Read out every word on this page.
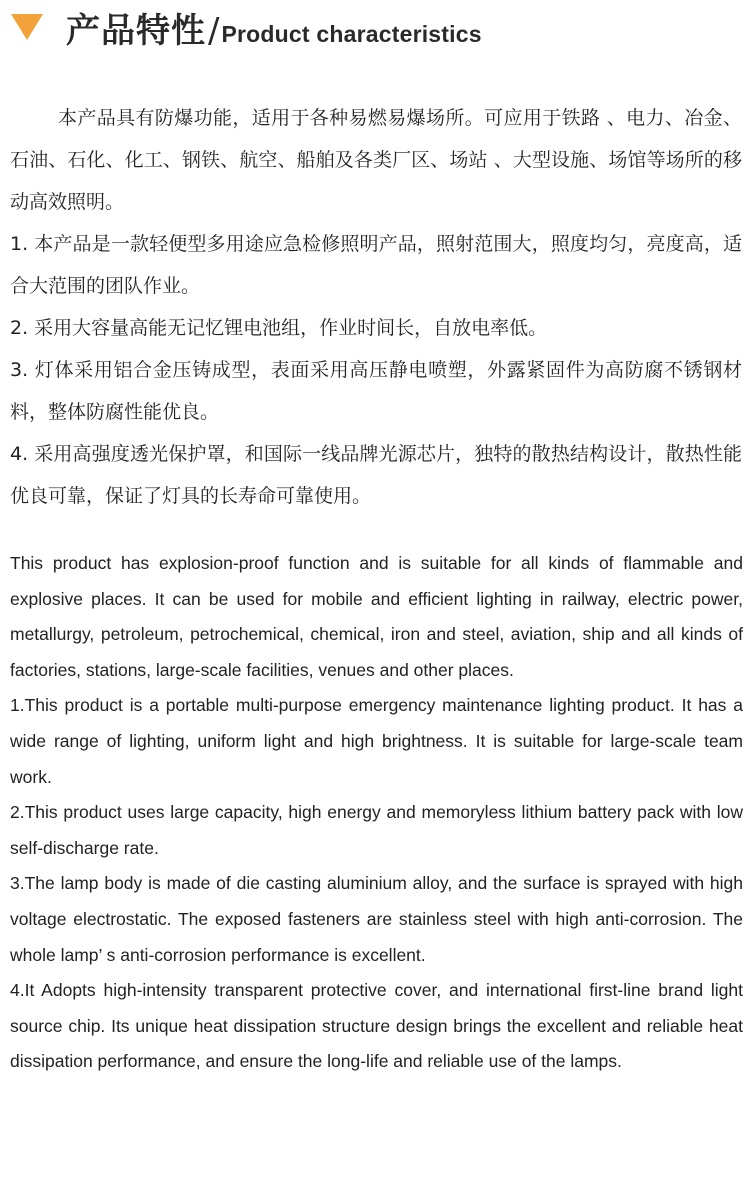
产品特性/Product characteristics

本产品具有防爆功能，适用于各种易燃易爆场所。可应用于铁路 、电力、冶金、石油、石化、化工、钢铁、航空、船舶及各类厂区、场站 、大型设施、场馆等场所的移动高效照明。

1. 本产品是一款轻便型多用途应急检修照明产品，照射范围大，照度均匀，亮度高，适合大范围的团队作业。

2. 采用大容量高能无记忆锂电池组，作业时间长，自放电率低。

3. 灯体采用铝合金压铸成型，表面采用高压静电喷塑，外露紧固件为高防腐不锈钢材料，整体防腐性能优良。

4. 采用高强度透光保护罩，和国际一线品牌光源芯片，独特的散热结构设计，散热性能优良可靠，保证了灯具的长寿命可靠使用。

This product has explosion-proof function and is suitable for all kinds of flammable and explosive places. It can be used for mobile and efficient lighting in railway, electric power, metallurgy, petroleum, petrochemical, chemical, iron and steel, aviation, ship and all kinds of factories, stations, large-scale facilities, venues and other places.

1.This product is a portable multi-purpose emergency maintenance lighting product. It has a wide range of lighting, uniform light and high brightness. It is suitable for large-scale team work.

2.This product uses large capacity, high energy and memoryless lithium battery pack with low self-discharge rate.

3.The lamp body is made of die casting aluminium alloy, and the surface is sprayed with high voltage electrostatic. The exposed fasteners are stainless steel with high anti-corrosion. The whole lamp’ s anti-corrosion performance is excellent.

4.It Adopts high-intensity transparent protective cover, and international first-line brand light source chip. Its unique heat dissipation structure design brings the excellent and reliable heat dissipation performance, and ensure the long-life and reliable use of the lamps.
